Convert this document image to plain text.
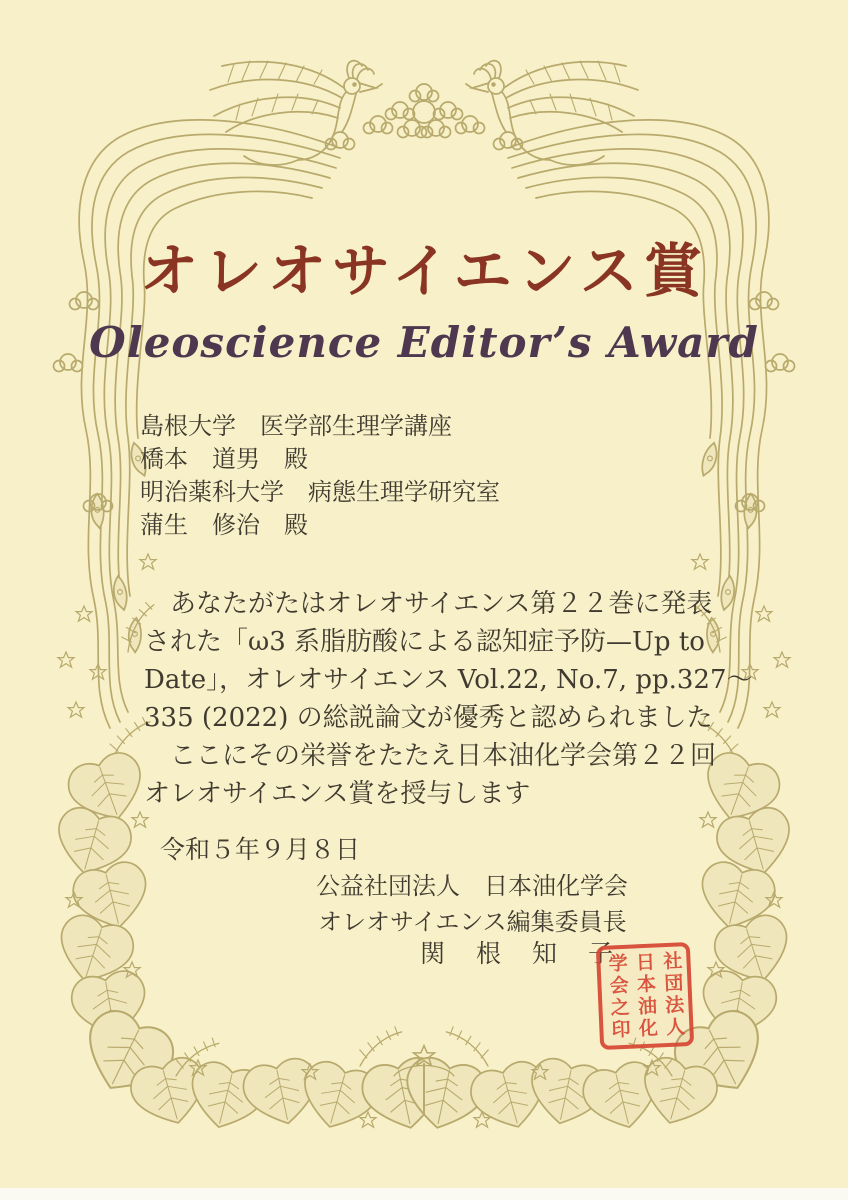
オレオサイエンス賞
Oleoscience Editor’s Award
島根大学　医学部生理学講座
橋本　道男　殿
明治薬科大学　病態生理学研究室
蒲生　修治　殿
　あなたがたはオレオサイエンス第２２巻に発表
された「ω3 系脂肪酸による認知症予防—Up to
Date」，オレオサイエンス Vol.22, No.7, pp.327～
335 (2022) の総説論文が優秀と認められました
　ここにその栄誉をたたえ日本油化学会第２２回
オレオサイエンス賞を授与します
令和５年９月８日
公益社団法人　日本油化学会
オレオサイエンス編集委員長
関　根　知　子 社団法人
日本油化
学会之印
